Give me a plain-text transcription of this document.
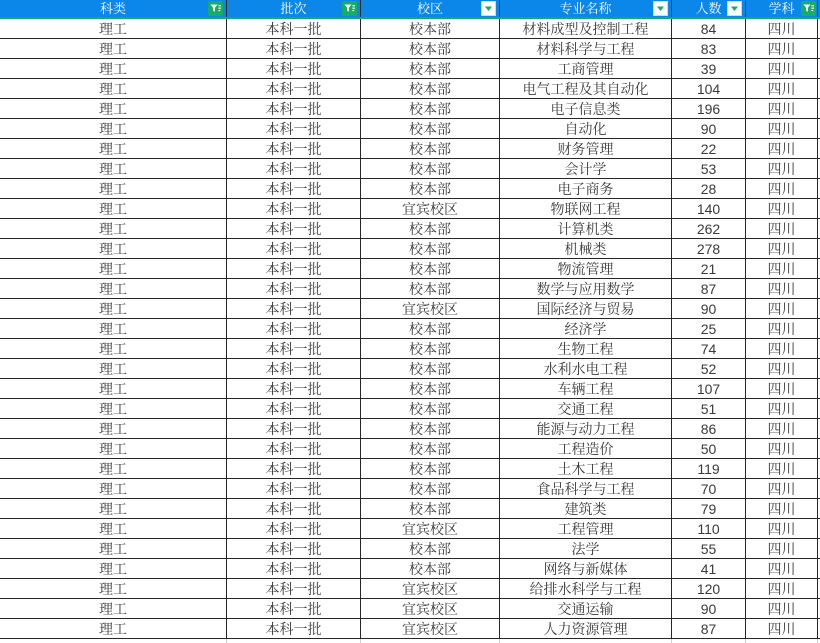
科类	批次	校区	专业名称	人数	学科
理工	本科一批	校本部	材料成型及控制工程	84	四川
理工	本科一批	校本部	材料科学与工程	83	四川
理工	本科一批	校本部	工商管理	39	四川
理工	本科一批	校本部	电气工程及其自动化	104	四川
理工	本科一批	校本部	电子信息类	196	四川
理工	本科一批	校本部	自动化	90	四川
理工	本科一批	校本部	财务管理	22	四川
理工	本科一批	校本部	会计学	53	四川
理工	本科一批	校本部	电子商务	28	四川
理工	本科一批	宜宾校区	物联网工程	140	四川
理工	本科一批	校本部	计算机类	262	四川
理工	本科一批	校本部	机械类	278	四川
理工	本科一批	校本部	物流管理	21	四川
理工	本科一批	校本部	数学与应用数学	87	四川
理工	本科一批	宜宾校区	国际经济与贸易	90	四川
理工	本科一批	校本部	经济学	25	四川
理工	本科一批	校本部	生物工程	74	四川
理工	本科一批	校本部	水利水电工程	52	四川
理工	本科一批	校本部	车辆工程	107	四川
理工	本科一批	校本部	交通工程	51	四川
理工	本科一批	校本部	能源与动力工程	86	四川
理工	本科一批	校本部	工程造价	50	四川
理工	本科一批	校本部	土木工程	119	四川
理工	本科一批	校本部	食品科学与工程	70	四川
理工	本科一批	校本部	建筑类	79	四川
理工	本科一批	宜宾校区	工程管理	110	四川
理工	本科一批	校本部	法学	55	四川
理工	本科一批	校本部	网络与新媒体	41	四川
理工	本科一批	宜宾校区	给排水科学与工程	120	四川
理工	本科一批	宜宾校区	交通运输	90	四川
理工	本科一批	宜宾校区	人力资源管理	87	四川
